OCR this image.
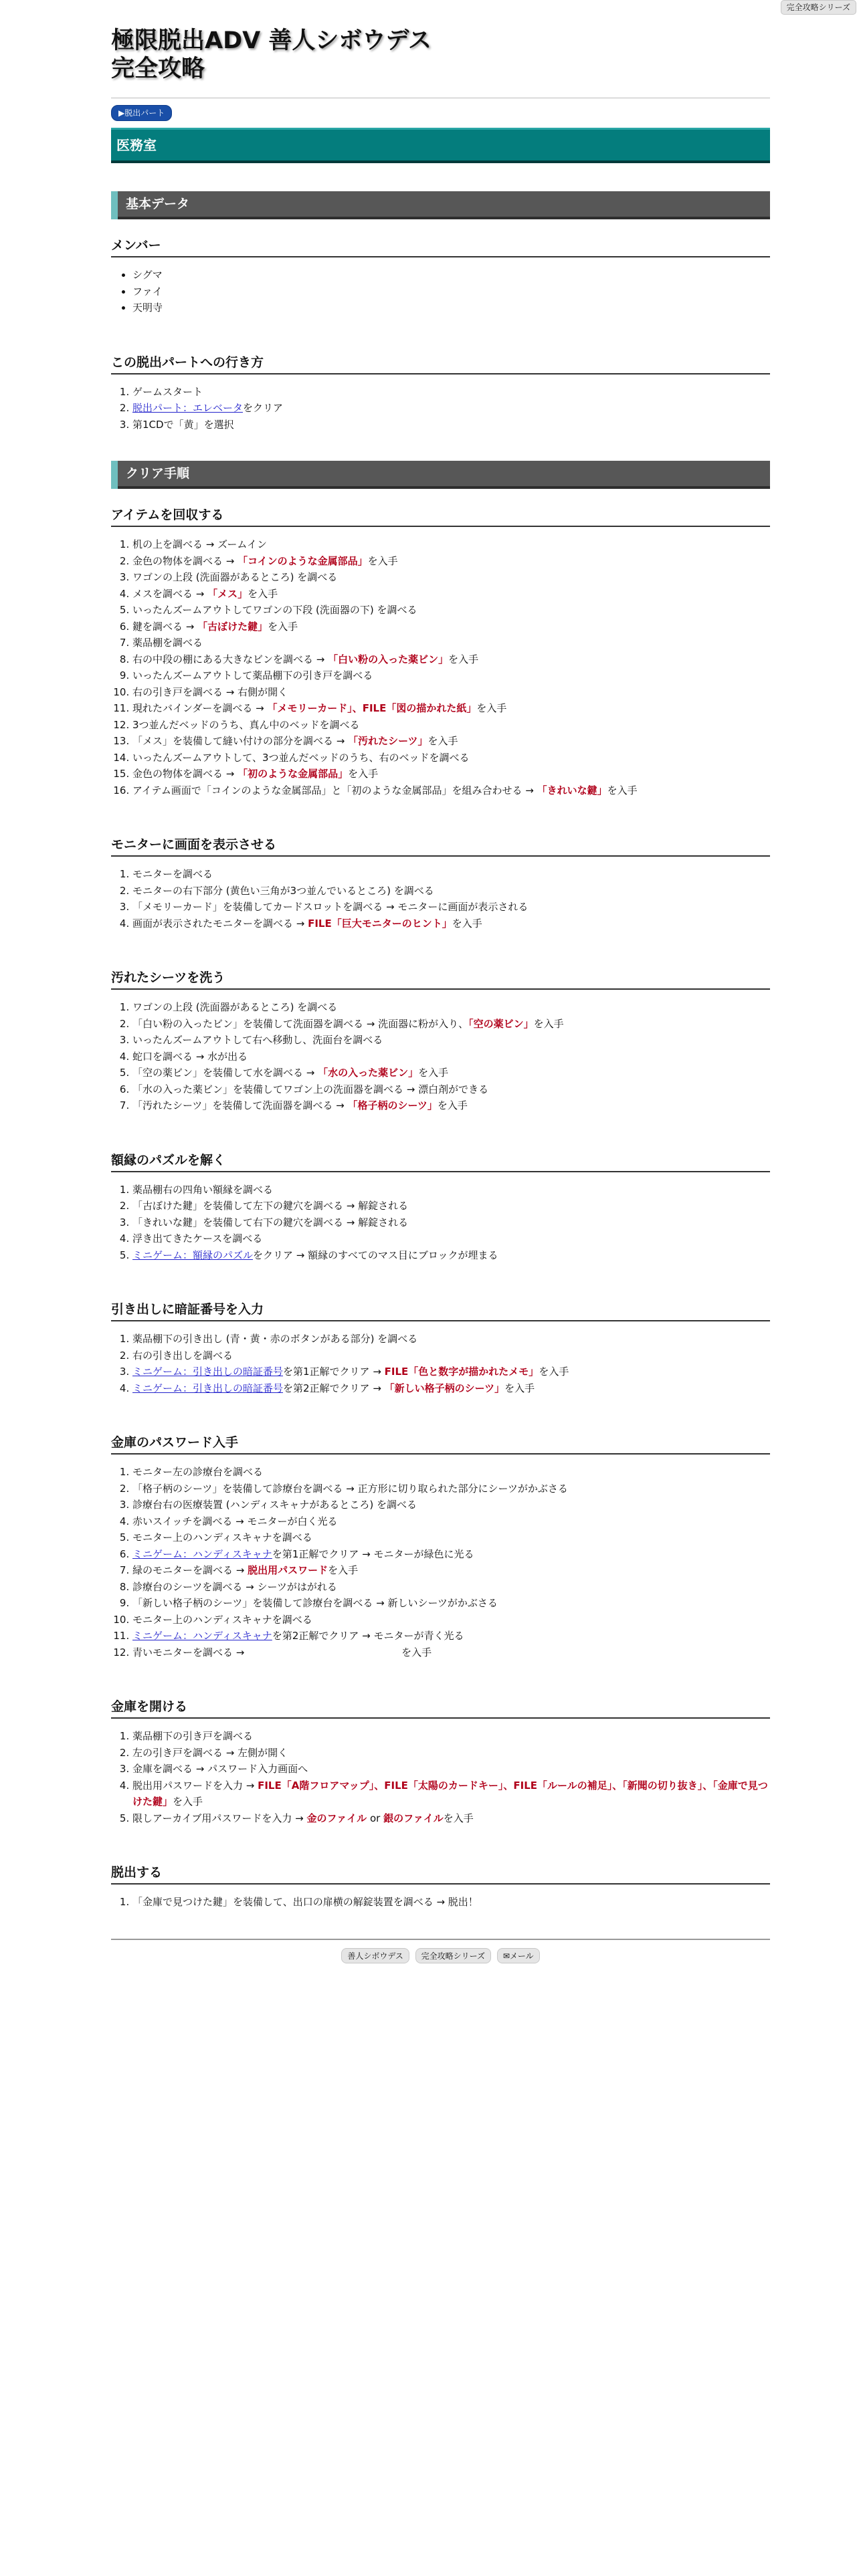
完全攻略シリーズ
極限脱出ADV 善人シボウデス
完全攻略
▶脱出パート
医務室
基本データ
メンバー
• シグマ
• ファイ
• 天明寺
この脱出パートへの行き方
1. ゲームスタート
2. 脱出パート：エレベータをクリア
3. 第1CDで「黄」を選択
クリア手順
アイテムを回収する
1. 机の上を調べる → ズームイン
2. 金色の物体を調べる → 「コインのような金属部品」を入手
3. ワゴンの上段 (洗面器があるところ) を調べる
4. メスを調べる → 「メス」を入手
5. いったんズームアウトしてワゴンの下段 (洗面器の下) を調べる
6. 鍵を調べる → 「古ぼけた鍵」を入手
7. 薬品棚を調べる
8. 右の中段の棚にある大きなビンを調べる → 「白い粉の入った薬ビン」を入手
9. いったんズームアウトして薬品棚下の引き戸を調べる
10. 右の引き戸を調べる → 右側が開く
11. 現れたバインダーを調べる → 「メモリーカード」、FILE「図の描かれた紙」を入手
12. 3つ並んだベッドのうち、真ん中のベッドを調べる
13. 「メス」を装備して縫い付けの部分を調べる → 「汚れたシーツ」を入手
14. いったんズームアウトして、3つ並んだベッドのうち、右のベッドを調べる
15. 金色の物体を調べる → 「初のような金属部品」を入手
16. アイテム画面で「コインのような金属部品」と「初のような金属部品」を組み合わせる → 「きれいな鍵」を入手
モニターに画面を表示させる
1. モニターを調べる
2. モニターの右下部分 (黄色い三角が3つ並んでいるところ) を調べる
3. 「メモリーカード」を装備してカードスロットを調べる → モニターに画面が表示される
4. 画面が表示されたモニターを調べる → FILE「巨大モニターのヒント」を入手
汚れたシーツを洗う
1. ワゴンの上段 (洗面器があるところ) を調べる
2. 「白い粉の入ったビン」を装備して洗面器を調べる → 洗面器に粉が入り、「空の薬ビン」を入手
3. いったんズームアウトして右へ移動し、洗面台を調べる
4. 蛇口を調べる → 水が出る
5. 「空の薬ビン」を装備して水を調べる → 「水の入った薬ビン」を入手
6. 「水の入った薬ビン」を装備してワゴン上の洗面器を調べる → 漂白剤ができる
7. 「汚れたシーツ」を装備して洗面器を調べる → 「格子柄のシーツ」を入手
額縁のパズルを解く
1. 薬品棚右の四角い額縁を調べる
2. 「古ぼけた鍵」を装備して左下の鍵穴を調べる → 解錠される
3. 「きれいな鍵」を装備して右下の鍵穴を調べる → 解錠される
4. 浮き出てきたケースを調べる
5. ミニゲーム：額縁のパズルをクリア → 額縁のすべてのマス目にブロックが埋まる
引き出しに暗証番号を入力
1. 薬品棚下の引き出し (青・黄・赤のボタンがある部分) を調べる
2. 右の引き出しを調べる
3. ミニゲーム：引き出しの暗証番号を第1正解でクリア → FILE「色と数字が描かれたメモ」を入手
4. ミニゲーム：引き出しの暗証番号を第2正解でクリア → 「新しい格子柄のシーツ」を入手
金庫のパスワード入手
1. モニター左の診療台を調べる
2. 「格子柄のシーツ」を装備して診療台を調べる → 正方形に切り取られた部分にシーツがかぶさる
3. 診療台右の医療装置 (ハンディスキャナがあるところ) を調べる
4. 赤いスイッチを調べる → モニターが白く光る
5. モニター上のハンディスキャナを調べる
6. ミニゲーム：ハンディスキャナを第1正解でクリア → モニターが緑色に光る
7. 緑のモニターを調べる → 脱出用パスワードを入手
8. 診療台のシーツを調べる → シーツがはがれる
9. 「新しい格子柄のシーツ」を装備して診療台を調べる → 新しいシーツがかぶさる
10. モニター上のハンディスキャナを調べる
11. ミニゲーム：ハンディスキャナを第2正解でクリア → モニターが青く光る
12. 青いモニターを調べる →	を入手
金庫を開ける
1. 薬品棚下の引き戸を調べる
2. 左の引き戸を調べる → 左側が開く
3. 金庫を調べる → パスワード入力画面へ
4. 脱出用パスワードを入力 → FILE「A階フロアマップ」、FILE「太陽のカードキー」、FILE「ルールの補足」、「新聞の切り抜き」、「金庫で見つけた鍵」を入手
5. 限しアーカイブ用パスワードを入力 → 金のファイル or 銀のファイルを入手
脱出する
1. 「金庫で見つけた鍵」を装備して、出口の扉横の解錠装置を調べる → 脱出！
善人シボウデス 完全攻略シリーズ ✉メール
